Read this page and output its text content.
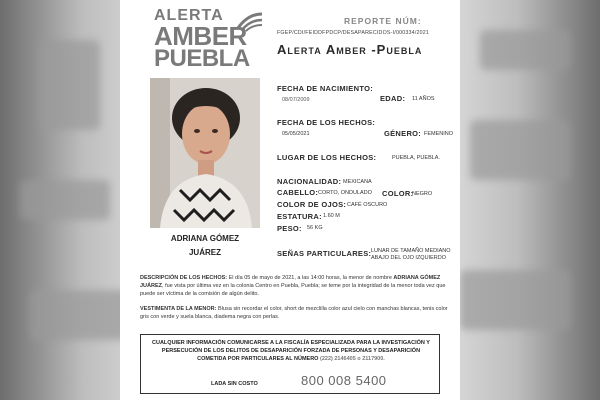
ALERTA
AMBER
PUEBLA
REPORTE NÚM:
FGEP/CDI/FEIDDFPDCP/DESAPARECIDOS-I/000334/2021
Alerta Amber -Puebla
ADRIANA GÓMEZ
JUÁREZ
FECHA DE NACIMIENTO:
08/07/2009	EDAD: 11 AÑOS
FECHA DE LOS HECHOS:
05/05/2021	GÉNERO: FEMENINO
LUGAR DE LOS HECHOS:	PUEBLA, PUEBLA.
NACIONALIDAD: MEXICANA
CABELLO: CORTO, ONDULADO COLOR:
NEGRO
COLOR DE OJOS: CAFÉ OSCURO
ESTATURA: 1.60 M
PESO: 56 KG
SEÑAS PARTICULARES: LUNAR DE TAMAÑO MEDIANO
ABAJO DEL OJO IZQUIERDO
DESCRIPCIÓN DE LOS HECHOS: El día 05 de mayo de 2021, a las 14:00 horas, la menor de nombre ADRIANA GÓMEZ JUÁREZ, fue vista por última vez en la colonia Centro en Puebla, Puebla; se teme por la integridad de la menor toda vez que puede ser víctima de la comisión de algún delito.
VESTIMENTA DE LA MENOR: Blusa sin recordar el color, short de mezclilla color azul cielo con manchas blancas, tenis color gris con verde y suela blanca, diadema negra con perlas.
CUALQUIER INFORMACIÓN COMUNICARSE A LA FISCALÍA ESPECIALIZADA PARA LA INVESTIGACIÓN Y PERSECUCIÓN DE LOS DELITOS DE DESAPARICIÓN FORZADA DE PERSONAS Y DESAPARICIÓN COMETIDA POR PARTICULARES AL NÚMERO (222) 2146405 o 2117900.
LADA SIN COSTO	800 008 5400
